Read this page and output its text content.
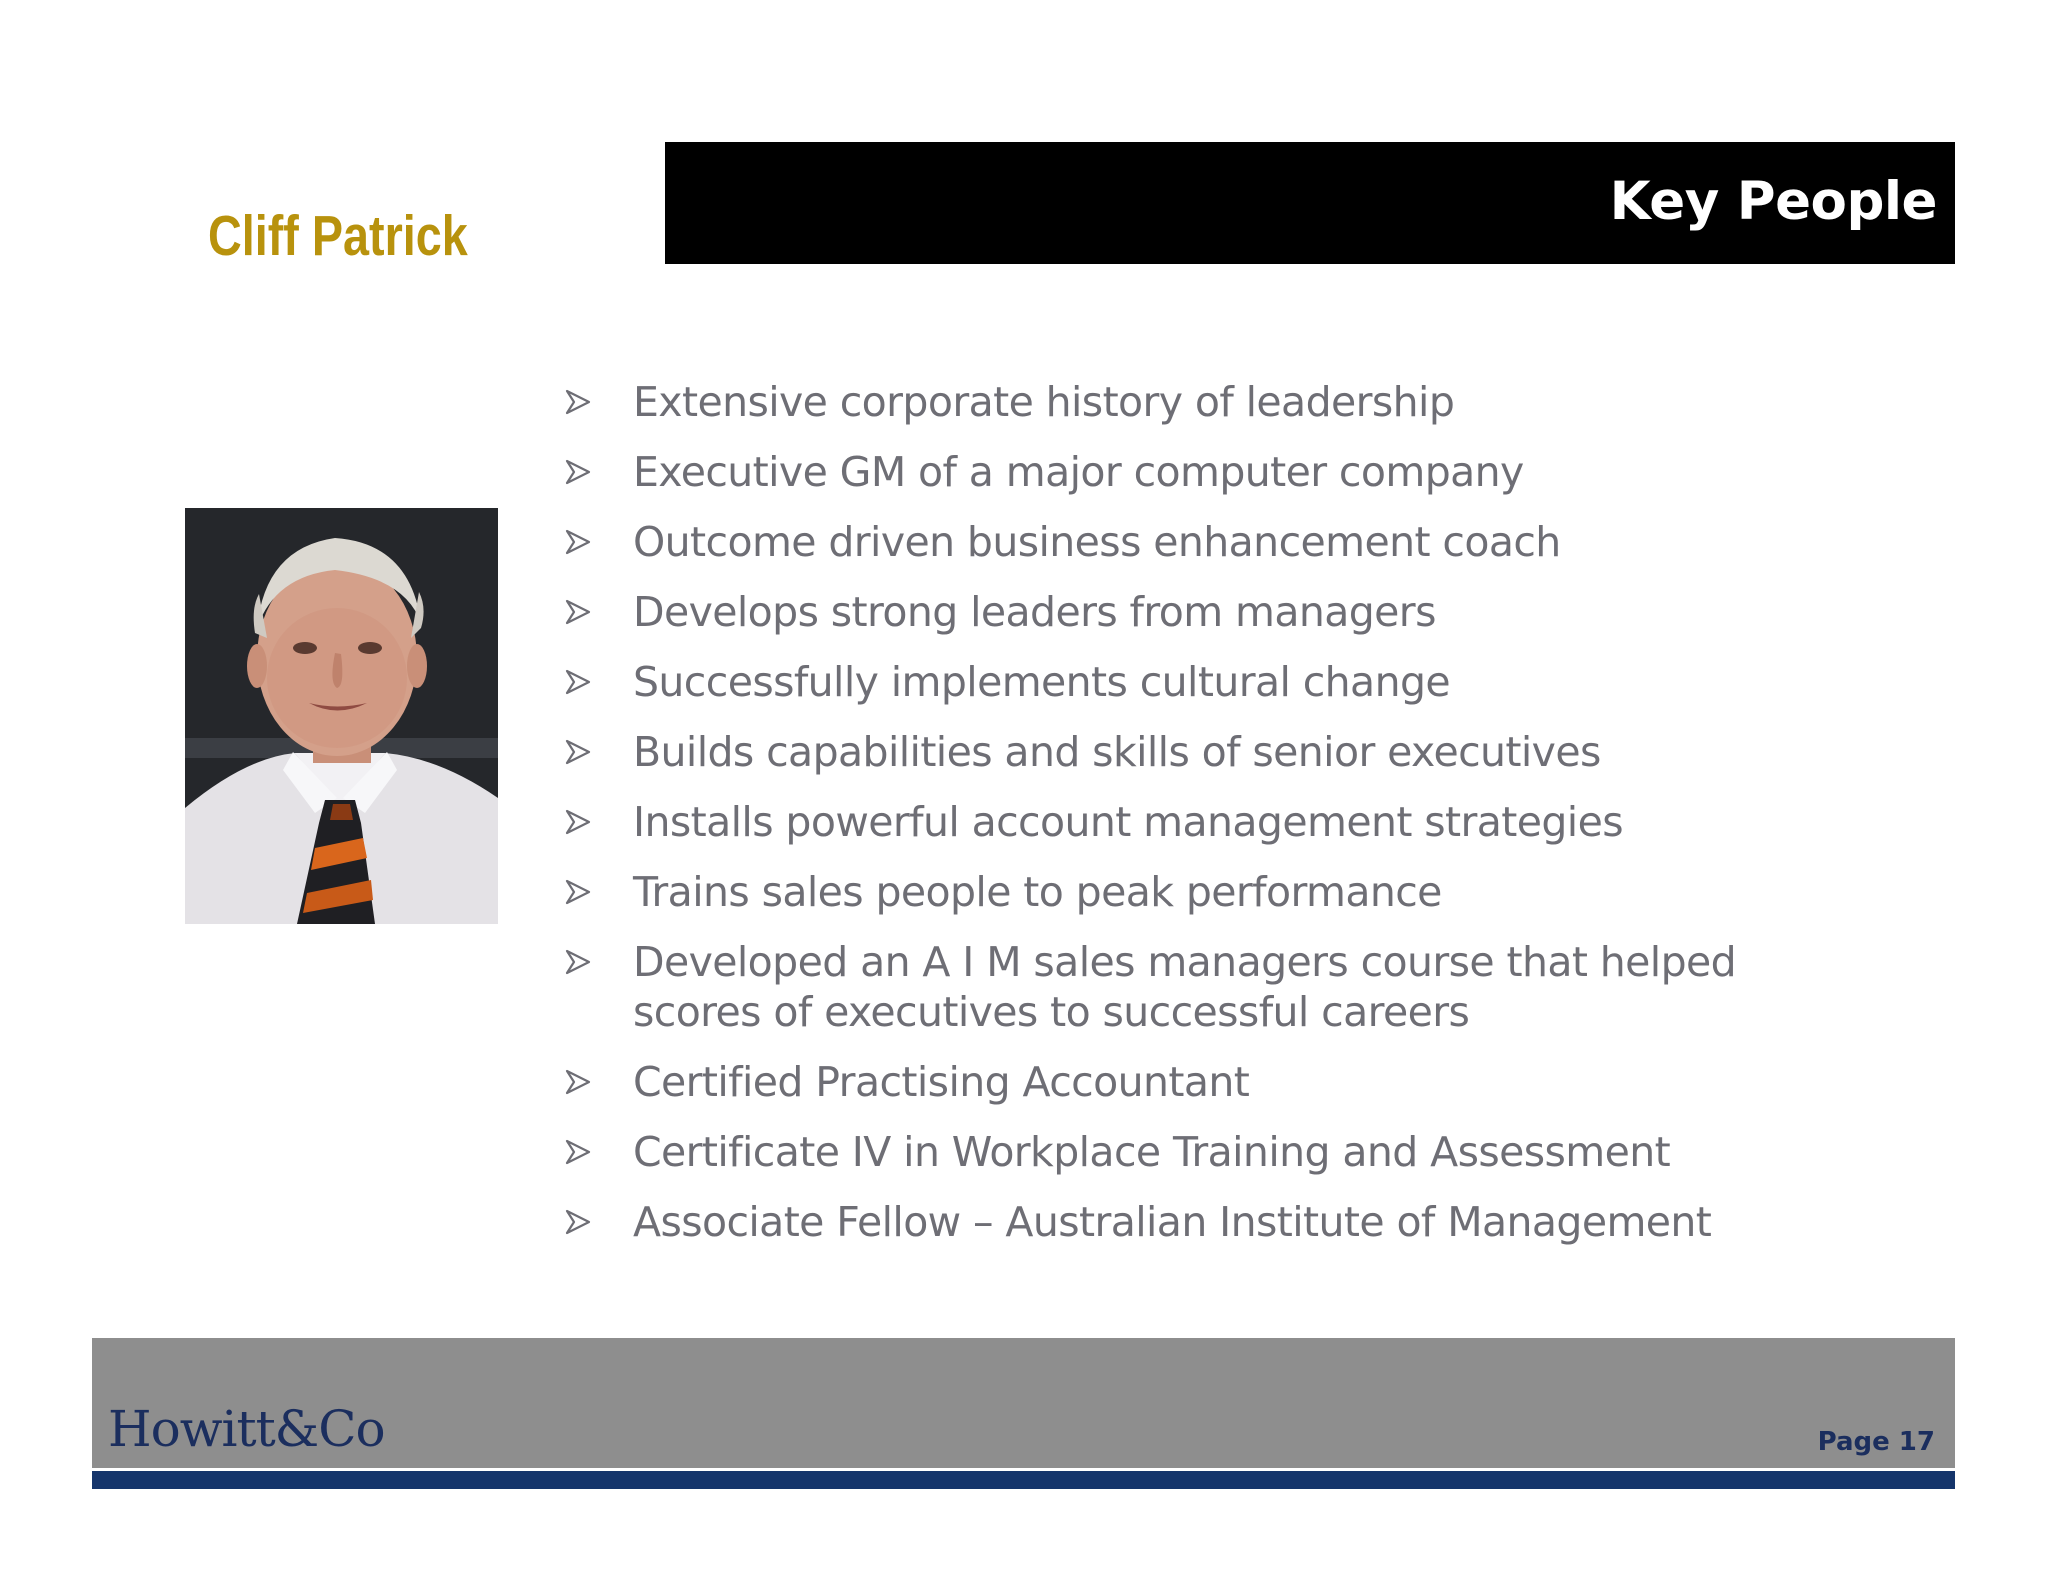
Key People
Cliff Patrick
Extensive corporate history of leadership
Executive GM of a major computer company
Outcome driven business enhancement coach
Develops strong leaders from managers
Successfully implements cultural change
Builds capabilities and skills of senior executives
Installs powerful account management strategies
Trains sales people to peak performance
Developed an A I M sales managers course that helped
scores of executives to successful careers
Certified Practising Accountant
Certificate IV in Workplace Training and Assessment
Associate Fellow – Australian Institute of Management
Howitt&Co	Page 17
